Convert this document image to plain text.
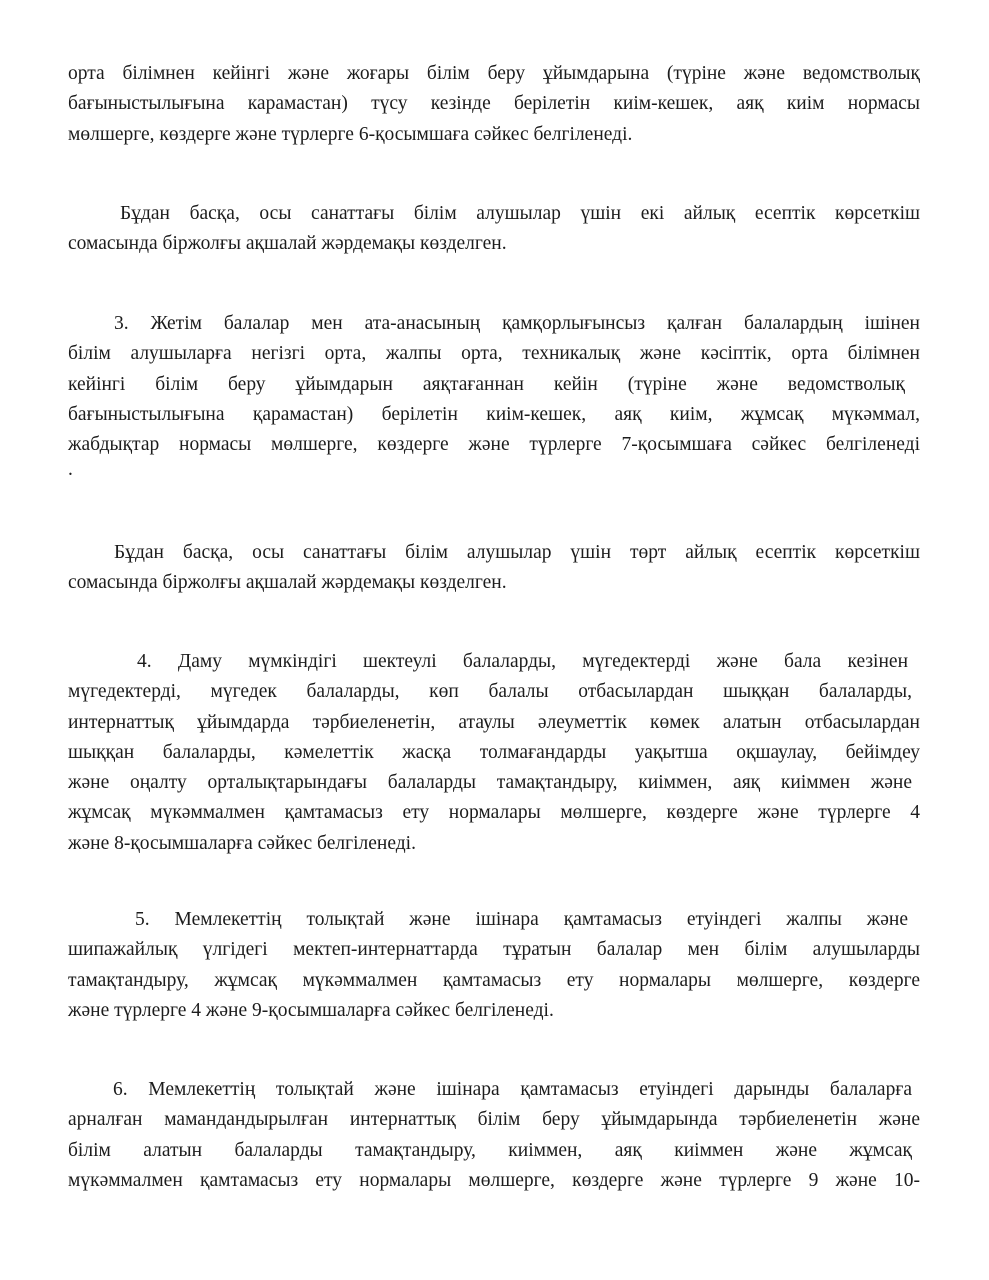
орта білімнен кейінгі және жоғары білім беру ұйымдарына (түріне және ведомстволық
бағыныстылығына карамастан) түсу кезінде берілетін киім-кешек, аяқ киім нормасы
мөлшерге, көздерге және түрлерге 6-қосымшаға сәйкес белгіленеді.

Бұдан басқа, осы санаттағы білім алушылар үшін екі айлық есептік көрсеткіш
сомасында біржолғы ақшалай жәрдемақы көзделген.

3. Жетім балалар мен ата-анасының қамқорлығынсыз қалған балалардың ішінен
білім алушыларға негізгі орта, жалпы орта, техникалық және кәсіптік, орта білімнен
кейінгі білім беру ұйымдарын аяқтағаннан кейін (түріне және ведомстволық
бағыныстылығына қарамастан) берілетін киім-кешек, аяқ киім, жұмсақ мүкәммал,
жабдықтар нормасы мөлшерге, көздерге және түрлерге 7-қосымшаға сәйкес белгіленеді
.

Бұдан басқа, осы санаттағы білім алушылар үшін төрт айлық есептік көрсеткіш
сомасында біржолғы ақшалай жәрдемақы көзделген.

4. Даму мүмкіндігі шектеулі балаларды, мүгедектерді және бала кезінен
мүгедектерді, мүгедек балаларды, көп балалы отбасылардан шыққан балаларды,
интернаттық ұйымдарда тәрбиеленетін, атаулы әлеуметтік көмек алатын отбасылардан
шыққан балаларды, кәмелеттік жасқа толмағандарды уақытша оқшаулау, бейімдеу
және оңалту орталықтарындағы балаларды тамақтандыру, киіммен, аяқ киіммен және
жұмсақ мүкәммалмен қамтамасыз ету нормалары мөлшерге, көздерге және түрлерге 4
және 8-қосымшаларға сәйкес белгіленеді.

5. Мемлекеттің толықтай және ішінара қамтамасыз етуіндегі жалпы және
шипажайлық үлгідегі мектеп-интернаттарда тұратын балалар мен білім алушыларды
тамақтандыру, жұмсақ мүкәммалмен қамтамасыз ету нормалары мөлшерге, көздерге
және түрлерге 4 және 9-қосымшаларға сәйкес белгіленеді.

6. Мемлекеттің толықтай және ішінара қамтамасыз етуіндегі дарынды балаларға
арналған мамандандырылған интернаттық білім беру ұйымдарында тәрбиеленетін және
білім алатын балаларды тамақтандыру, киіммен, аяқ киіммен және жұмсақ
мүкәммалмен қамтамасыз ету нормалары мөлшерге, көздерге және түрлерге 9 және 10-
